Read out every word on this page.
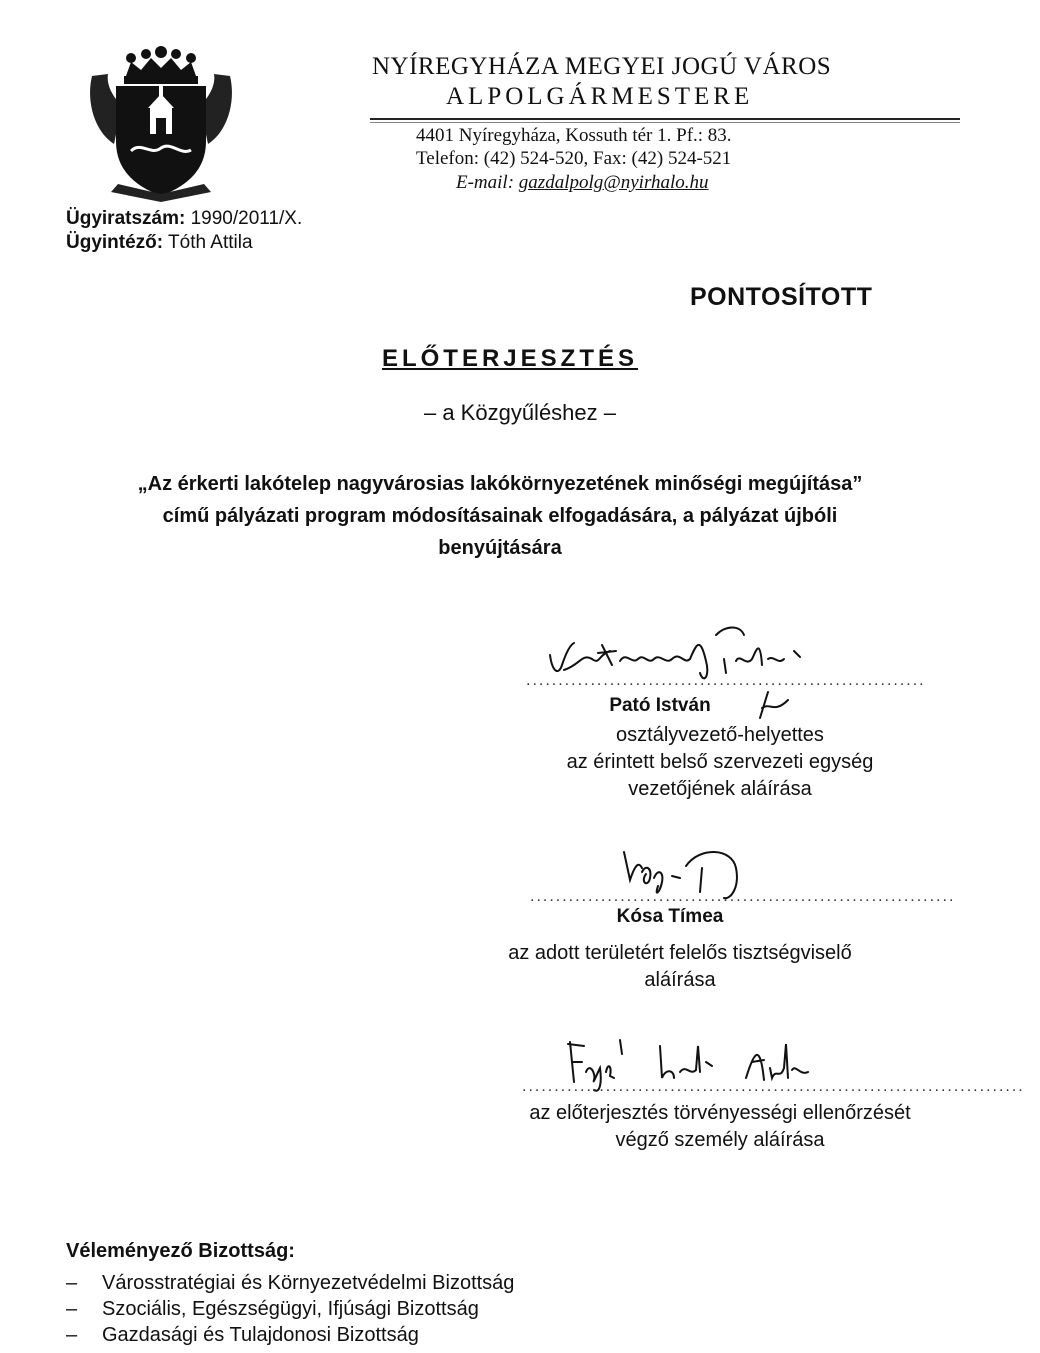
NYÍREGYHÁZA MEGYEI JOGÚ VÁROS
ALPOLGÁRMESTERE
4401 Nyíregyháza, Kossuth tér 1. Pf.: 83.
Telefon: (42) 524-520, Fax: (42) 524-521
E-mail: gazdalpolg@nyirhalo.hu
Ügyiratszám: 1990/2011/X.
Ügyintéző: Tóth Attila
PONTOSÍTOTT
ELŐTERJESZTÉS
– a Közgyűléshez –
„Az érkerti lakótelep nagyvárosias lakókörnyezetének minőségi megújítása”
című pályázati program módosításainak elfogadására, a pályázat újbóli
benyújtására
..............................................................
Pató István
osztályvezető-helyettes
az érintett belső szervezeti egység
vezetőjének aláírása
..................................................................
Kósa Tímea
az adott területért felelős tisztségviselő
aláírása
..............................................................................
az előterjesztés törvényességi ellenőrzését
végző személy aláírása
Véleményező Bizottság:
– Városstratégiai és Környezetvédelmi Bizottság
– Szociális, Egészségügyi, Ifjúsági Bizottság
– Gazdasági és Tulajdonosi Bizottság
